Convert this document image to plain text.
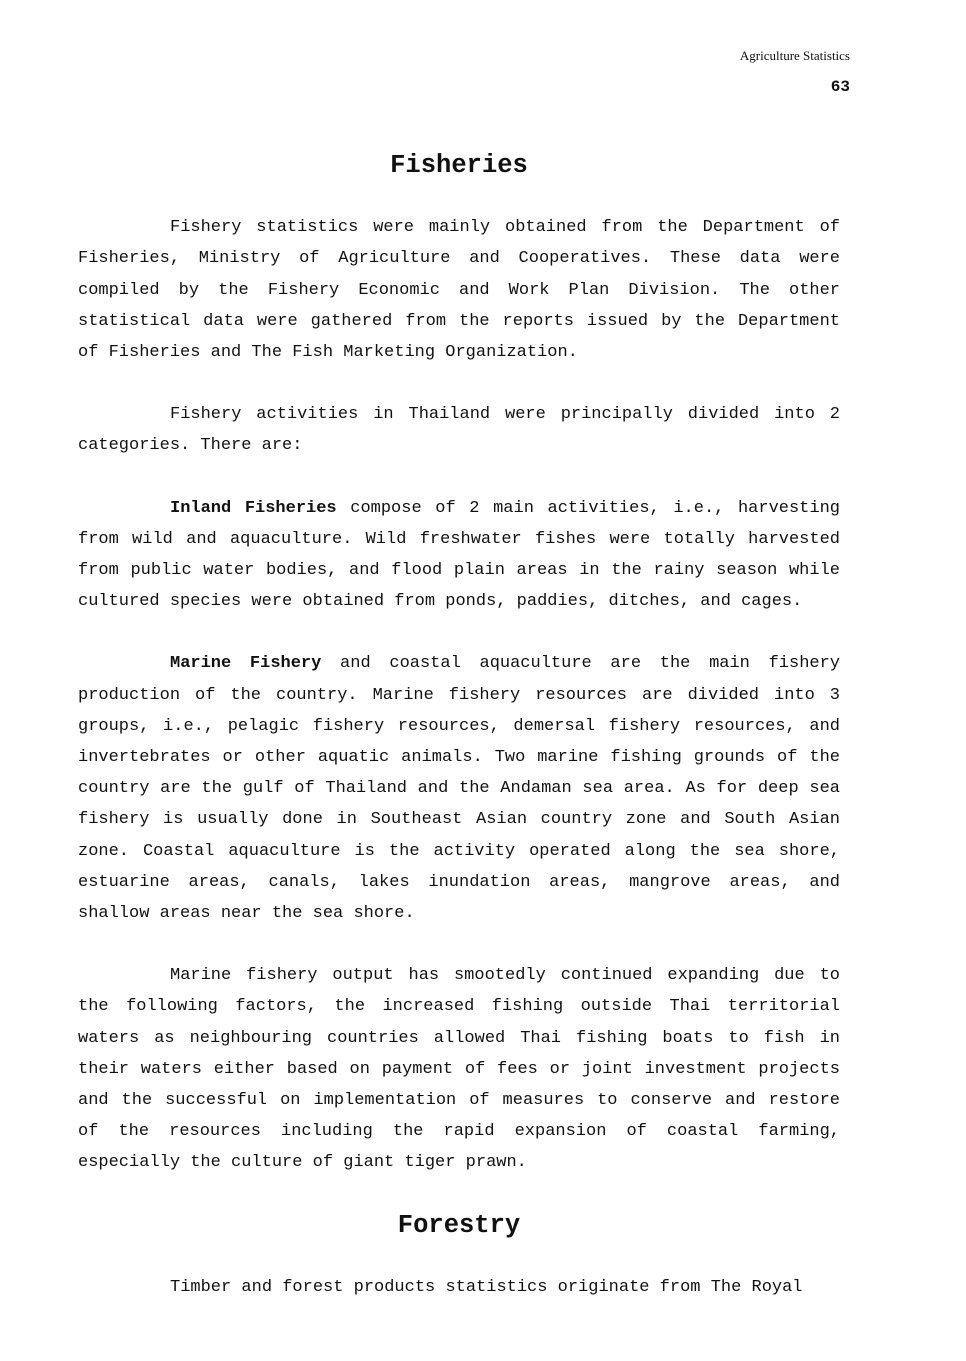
Agriculture Statistics
63
Fisheries

Fishery statistics were mainly obtained from the Department of Fisheries, Ministry of Agriculture and Cooperatives. These data were compiled by the Fishery Economic and Work Plan Division. The other statistical data were gathered from the reports issued by the Department of Fisheries and The Fish Marketing Organization.

Fishery activities in Thailand were principally divided into 2 categories. There are:

Inland Fisheries compose of 2 main activities, i.e., harvesting from wild and aquaculture. Wild freshwater fishes were totally harvested from public water bodies, and flood plain areas in the rainy season while cultured species were obtained from ponds, paddies, ditches, and cages.

Marine Fishery and coastal aquaculture are the main fishery production of the country. Marine fishery resources are divided into 3 groups, i.e., pelagic fishery resources, demersal fishery resources, and invertebrates or other aquatic animals. Two marine fishing grounds of the country are the gulf of Thailand and the Andaman sea area. As for deep sea fishery is usually done in Southeast Asian country zone and South Asian zone. Coastal aquaculture is the activity operated along the sea shore, estuarine areas, canals, lakes inundation areas, mangrove areas, and shallow areas near the sea shore.

Marine fishery output has smootedly continued expanding due to the following factors, the increased fishing outside Thai territorial waters as neighbouring countries allowed Thai fishing boats to fish in their waters either based on payment of fees or joint investment projects and the successful on implementation of measures to conserve and restore of the resources including the rapid expansion of coastal farming, especially the culture of giant tiger prawn.

Forestry

Timber and forest products statistics originate from The Royal
